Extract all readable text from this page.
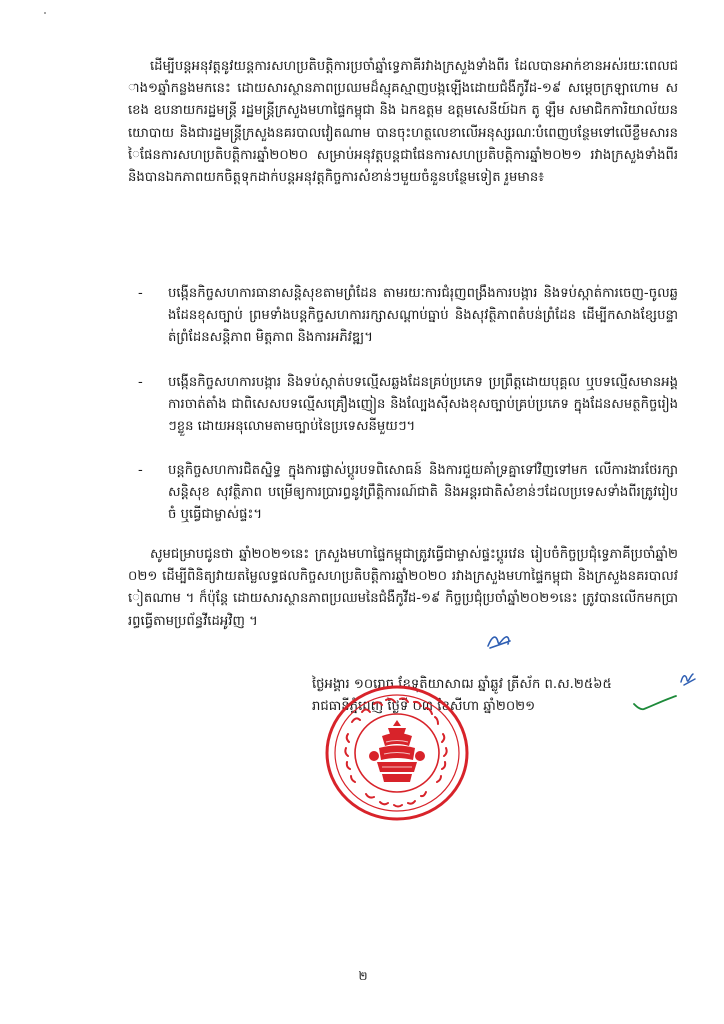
ដើម្បីបន្តអនុវត្តនូវយន្តការសហប្រតិបត្តិការប្រចាំឆ្នាំទ្វេភាគីរវាងក្រសួងទាំងពីរ ដែលបានអាក់ខានអស់រយៈពេលជាង១ឆ្នាំកន្លងមកនេះ ដោយសារស្ថានភាពប្រឈមដ៏ស្មុគស្មាញបង្កឡើងដោយជំងឺកូវីដ-១៩ សម្ដេចក្រឡាហោម ស ខេង ឧបនាយករដ្ឋមន្ត្រី រដ្ឋមន្ត្រីក្រសួងមហាផ្ទៃកម្ពុជា និង ឯកឧត្តម ឧត្តមសេនីយ៍ឯក តូ ឡឹម សមាជិកការិយាល័យនយោបាយ និងជារដ្ឋមន្ត្រីក្រសួងនគរបាលវៀតណាម បានចុះហត្ថលេខាលើអនុស្សរណៈបំពេញបន្ថែមទៅលើខ្លឹមសារនៃផែនការសហប្រតិបត្តិការឆ្នាំ២០២០ សម្រាប់អនុវត្តបន្តជាផែនការសហប្រតិបត្តិការឆ្នាំ២០២១ រវាងក្រសួងទាំងពីរ និងបានឯកភាពយកចិត្តទុកដាក់បន្តអនុវត្តកិច្ចការសំខាន់ៗមួយចំនួនបន្ថែមទៀត រួមមាន៖
-	បង្កើនកិច្ចសហការធានាសន្តិសុខតាមព្រំដែន តាមរយៈការជំរុញពង្រឹងការបង្ការ និងទប់ស្កាត់ការចេញ-ចូលឆ្លងដែនខុសច្បាប់ ព្រមទាំងបន្តកិច្ចសហការរក្សាសណ្ដាប់ធ្នាប់ និងសុវត្ថិភាពតំបន់ព្រំដែន ដើម្បីកសាងខ្សែបន្ទាត់ព្រំដែនសន្តិភាព មិត្តភាព និងការអភិវឌ្ឍ។
-	បង្កើនកិច្ចសហការបង្ការ និងទប់ស្កាត់បទល្មើសឆ្លងដែនគ្រប់ប្រភេទ ប្រព្រឹត្តដោយបុគ្គល ឬបទល្មើសមានអង្គការចាត់តាំង ជាពិសេសបទល្មើសគ្រឿងញៀន និងល្បែងស៊ីសងខុសច្បាប់គ្រប់ប្រភេទ ក្នុងដែនសមត្ថកិច្ចរៀងៗខ្លួន ដោយអនុលោមតាមច្បាប់នៃប្រទេសនីមួយៗ។
-	បន្តកិច្ចសហការជិតស្និទ្ធ ក្នុងការផ្លាស់ប្ដូរបទពិសោធន៍ និងការជួយគាំទ្រគ្នាទៅវិញទៅមក លើការងារថែរក្សាសន្តិសុខ សុវត្ថិភាព បម្រើឲ្យការប្រារព្ធនូវព្រឹត្តិការណ៍ជាតិ និងអន្តរជាតិសំខាន់ៗដែលប្រទេសទាំងពីរត្រូវរៀបចំ ឬធ្វើជាម្ចាស់ផ្ទះ។
សូមជម្រាបជូនថា ឆ្នាំ២០២១នេះ ក្រសួងមហាផ្ទៃកម្ពុជាត្រូវធ្វើជាម្ចាស់ផ្ទះប្ដូរវេន រៀបចំកិច្ចប្រជុំទ្វេភាគីប្រចាំឆ្នាំ២០២១ ដើម្បីពិនិត្យវាយតម្លៃលទ្ធផលកិច្ចសហប្រតិបត្តិការឆ្នាំ២០២០ រវាងក្រសួងមហាផ្ទៃកម្ពុជា និងក្រសួងនគរបាលវៀតណាម ។ ក៏ប៉ុន្តែ ដោយសារស្ថានភាពប្រឈមនៃជំងឺកូវីដ-១៩ កិច្ចប្រជុំប្រចាំឆ្នាំ២០២១នេះ ត្រូវបានលើកមកប្រារព្ធធ្វើតាមប្រព័ន្ធវីដេអូវិញ ។
ថ្ងៃអង្គារ ១០រោច ខែទុតិយាសាឍ ឆ្នាំឆ្លូវ ត្រីស័ក ព.ស.២៥៦៥
រាជធានីភ្នំពេញ ថ្ងៃទី ០៣ ខែសីហា ឆ្នាំ២០២១
២
